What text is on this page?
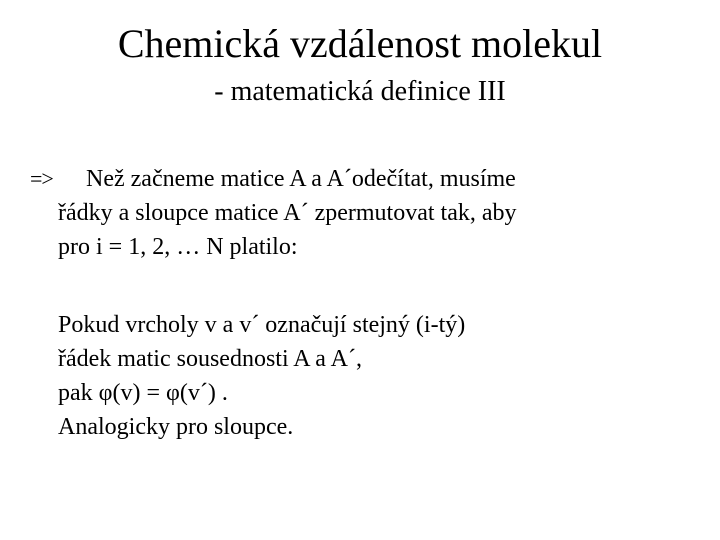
Chemická vzdálenost molekul
- matematická definice III
=>	Než začneme matice A a A´odečítat, musíme
řádky a sloupce matice A´ zpermutovat tak, aby
pro i = 1, 2, … N platilo:
Pokud vrcholy v a v´ označují stejný (i-tý)
řádek matic sousednosti A a A´,
pak φ(v) = φ(v´) .
Analogicky pro sloupce.
